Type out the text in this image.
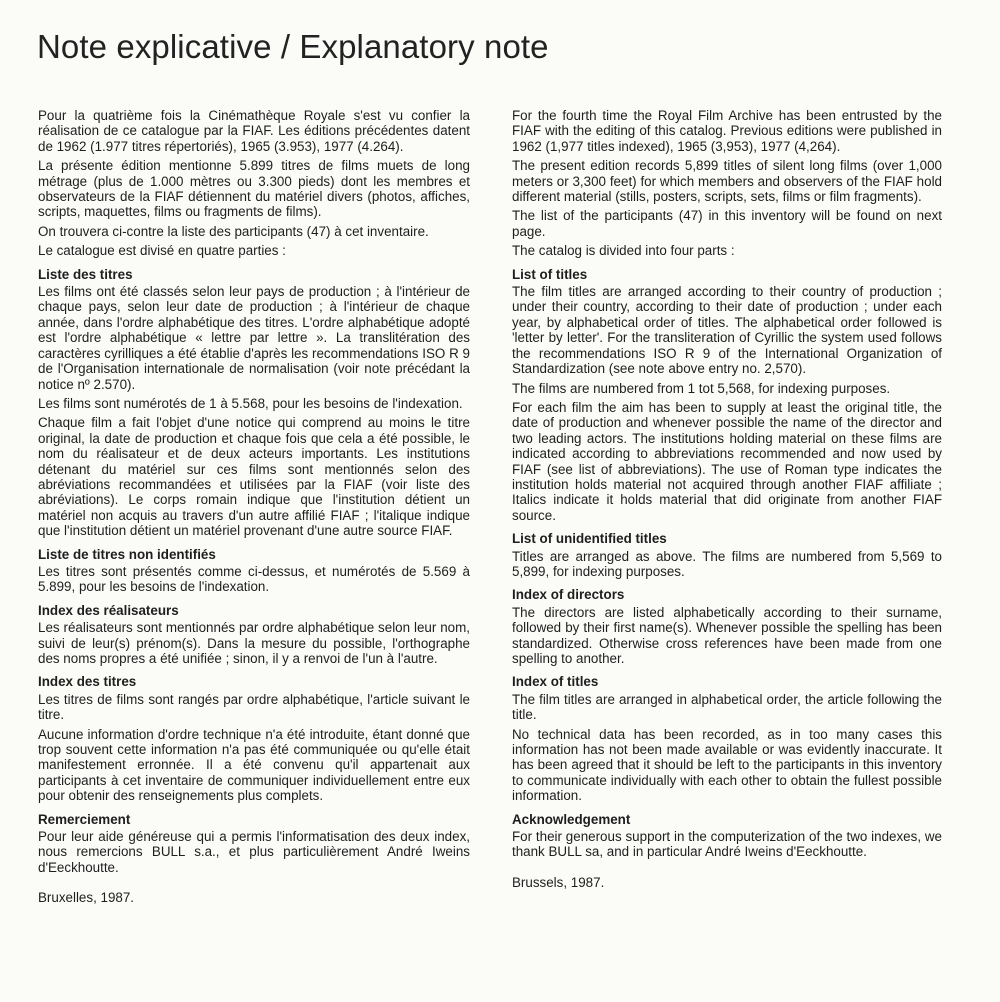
Note explicative / Explanatory note

Pour la quatrième fois la Cinémathèque Royale s'est vu confier la réalisation de ce catalogue par la FIAF. Les éditions précédentes datent de 1962 (1.977 titres répertoriés), 1965 (3.953), 1977 (4.264).

La présente édition mentionne 5.899 titres de films muets de long métrage (plus de 1.000 mètres ou 3.300 pieds) dont les membres et observateurs de la FIAF détiennent du matériel divers (photos, affiches, scripts, maquettes, films ou fragments de films).

On trouvera ci-contre la liste des participants (47) à cet inventaire.

Le catalogue est divisé en quatre parties :

Liste des titres

Les films ont été classés selon leur pays de production ; à l'intérieur de chaque pays, selon leur date de production ; à l'intérieur de chaque année, dans l'ordre alphabétique des titres. L'ordre alphabétique adopté est l'ordre alphabétique « lettre par lettre ». La translitération des caractères cyrilliques a été établie d'après les recommendations ISO R 9 de l'Organisation internationale de normalisation (voir note précédant la notice nº 2.570).

Les films sont numérotés de 1 à 5.568, pour les besoins de l'indexation.

Chaque film a fait l'objet d'une notice qui comprend au moins le titre original, la date de production et chaque fois que cela a été possible, le nom du réalisateur et de deux acteurs importants. Les institutions détenant du matériel sur ces films sont mentionnés selon des abréviations recommandées et utilisées par la FIAF (voir liste des abréviations). Le corps romain indique que l'institution détient un matériel non acquis au travers d'un autre affilié FIAF ; l'italique indique que l'institution détient un matériel provenant d'une autre source FIAF.

Liste de titres non identifiés

Les titres sont présentés comme ci-dessus, et numérotés de 5.569 à 5.899, pour les besoins de l'indexation.

Index des réalisateurs

Les réalisateurs sont mentionnés par ordre alphabétique selon leur nom, suivi de leur(s) prénom(s). Dans la mesure du possible, l'orthographe des noms propres a été unifiée ; sinon, il y a renvoi de l'un à l'autre.

Index des titres

Les titres de films sont rangés par ordre alphabétique, l'article suivant le titre.

Aucune information d'ordre technique n'a été introduite, étant donné que trop souvent cette information n'a pas été communiquée ou qu'elle était manifestement erronnée. Il a été convenu qu'il appartenait aux participants à cet inventaire de communiquer individuellement entre eux pour obtenir des renseignements plus complets.

Remerciement

Pour leur aide généreuse qui a permis l'informatisation des deux index, nous remercions BULL s.a., et plus particulièrement André Iweins d'Eeckhoutte.

Bruxelles, 1987.

For the fourth time the Royal Film Archive has been entrusted by the FIAF with the editing of this catalog. Previous editions were published in 1962 (1,977 titles indexed), 1965 (3,953), 1977 (4,264).

The present edition records 5,899 titles of silent long films (over 1,000 meters or 3,300 feet) for which members and observers of the FIAF hold different material (stills, posters, scripts, sets, films or film fragments).

The list of the participants (47) in this inventory will be found on next page.

The catalog is divided into four parts :

List of titles

The film titles are arranged according to their country of production ; under their country, according to their date of production ; under each year, by alphabetical order of titles. The alphabetical order followed is 'letter by letter'. For the transliteration of Cyrillic the system used follows the recommendations ISO R 9 of the International Organization of Standardization (see note above entry no. 2,570).

The films are numbered from 1 tot 5,568, for indexing purposes.

For each film the aim has been to supply at least the original title, the date of production and whenever possible the name of the director and two leading actors. The institutions holding material on these films are indicated according to abbreviations recommended and now used by FIAF (see list of abbreviations). The use of Roman type indicates the institution holds material not acquired through another FIAF affiliate ; Italics indicate it holds material that did originate from another FIAF source.

List of unidentified titles

Titles are arranged as above. The films are numbered from 5,569 to 5,899, for indexing purposes.

Index of directors

The directors are listed alphabetically according to their surname, followed by their first name(s). Whenever possible the spelling has been standardized. Otherwise cross references have been made from one spelling to another.

Index of titles

The film titles are arranged in alphabetical order, the article following the title.

No technical data has been recorded, as in too many cases this information has not been made available or was evidently inaccurate. It has been agreed that it should be left to the participants in this inventory to communicate individually with each other to obtain the fullest possible information.

Acknowledgement

For their generous support in the computerization of the two indexes, we thank BULL sa, and in particular André Iweins d'Eeckhoutte.

Brussels, 1987.
